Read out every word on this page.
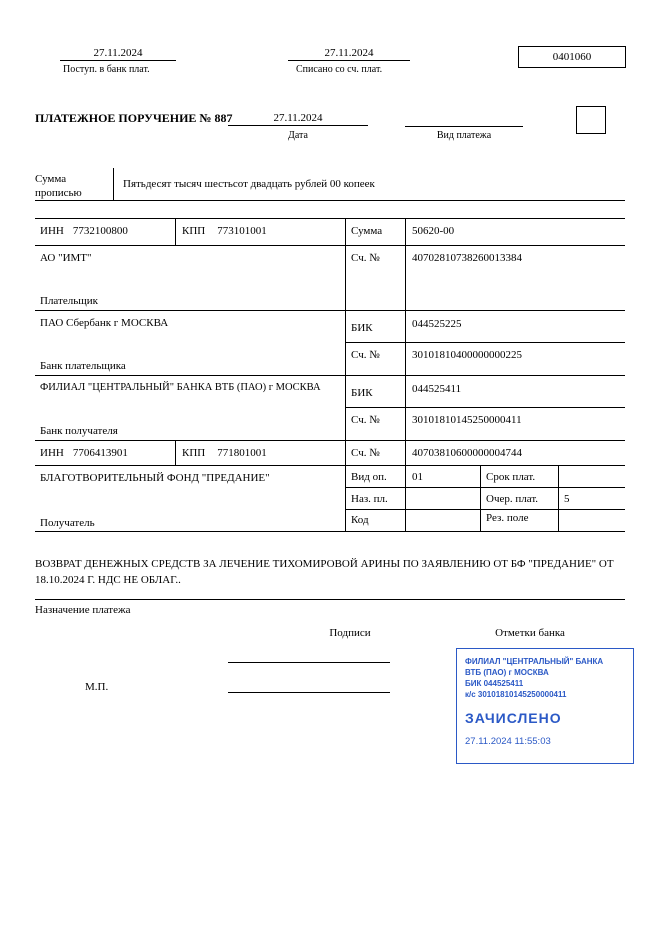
27.11.2024
Поступ. в банк плат.
27.11.2024
Списано со сч. плат.
0401060
ПЛАТЕЖНОЕ ПОРУЧЕНИЕ № 887	27.11.2024
Дата	Вид платежа
Сумма
прописью
Пятьдесят тысяч шестьсот двадцать рублей 00 копеек
ИНН 7732100800	КПП 773101001	Сумма	50620-00
АО "ИМТ"
Плательщик
Сч. №	40702810738260013384
ПАО Сбербанк г МОСКВА
Банк плательщика
БИК	044525225
Сч. №	30101810400000000225
ФИЛИАЛ "ЦЕНТРАЛЬНЫЙ" БАНКА ВТБ (ПАО) г МОСКВА
Банк получателя
БИК	044525411
Сч. №	30101810145250000411
ИНН 7706413901	КПП 771801001	Сч. №	40703810600000004744
БЛАГОТВОРИТЕЛЬНЫЙ ФОНД "ПРЕДАНИЕ"
Получатель
Вид оп. 01	Срок плат.
Наз. пл.	Очер. плат. 5
Код	Рез. поле
ВОЗВРАТ ДЕНЕЖНЫХ СРЕДСТВ ЗА ЛЕЧЕНИЕ ТИХОМИРОВОЙ АРИНЫ ПО ЗАЯВЛЕНИЮ ОТ БФ "ПРЕДАНИЕ" ОТ 18.10.2024 Г. НДС НЕ ОБЛАГ..
Назначение платежа
Подписи	Отметки банка
М.П.
ФИЛИАЛ "ЦЕНТРАЛЬНЫЙ" БАНКА
ВТБ (ПАО) г МОСКВА
БИК 044525411
к/с 30101810145250000411
ЗАЧИСЛЕНО
27.11.2024 11:55:03
